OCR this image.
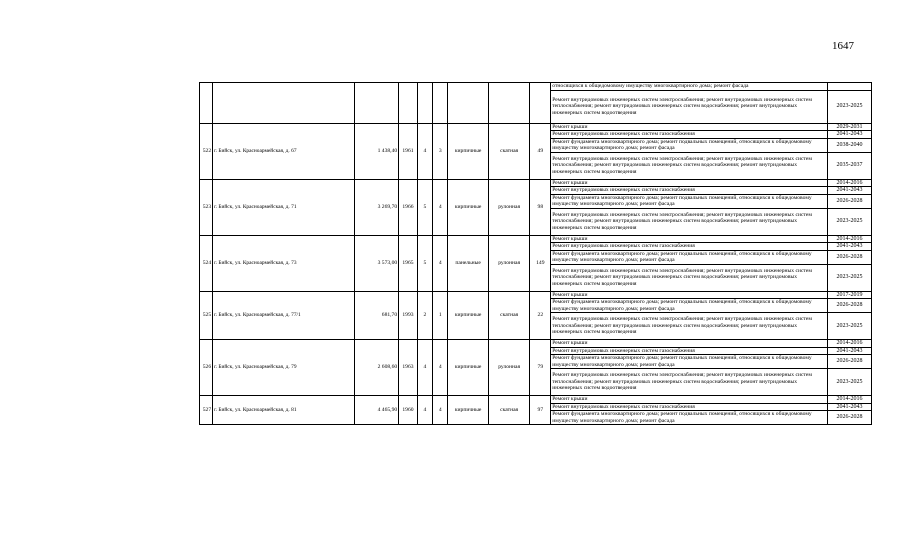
1647
									относящихся к общедомовому имуществу многоквартирного дома; ремонт фасада	
									Ремонт внутридомовых инженерных систем электроснабжения; ремонт внутридомовых инженерных систем теплоснабжения; ремонт внутридомовых инженерных систем водоснабжения; ремонт внутридомовых инженерных систем водоотведения	2023-2025
522	г. Бийск, ул. Красноармейская, д. 67	1 438,40	1961	4	3	кирпичные	скатная	49	Ремонт крыши	2029-2031
									Ремонт внутридомовых инженерных систем газоснабжения	2041-2043
									Ремонт фундамента многоквартирного дома; ремонт подвальных помещений, относящихся к общедомовому имуществу многоквартирного дома; ремонт фасада	2038-2040
									Ремонт внутридомовых инженерных систем электроснабжения; ремонт внутридомовых инженерных систем теплоснабжения; ремонт внутридомовых инженерных систем водоснабжения; ремонт внутридомовых инженерных систем водоотведения	2035-2037
523	г. Бийск, ул. Красноармейская, д. 71	3 269,70	1966	5	4	кирпичные	рулонная	98	Ремонт крыши	2014-2016
									Ремонт внутридомовых инженерных систем газоснабжения	2041-2043
									Ремонт фундамента многоквартирного дома; ремонт подвальных помещений, относящихся к общедомовому имуществу многоквартирного дома; ремонт фасада	2026-2028
									Ремонт внутридомовых инженерных систем электроснабжения; ремонт внутридомовых инженерных систем теплоснабжения; ремонт внутридомовых инженерных систем водоснабжения; ремонт внутридомовых инженерных систем водоотведения	2023-2025
524	г. Бийск, ул. Красноармейская, д. 73	3 573,00	1965	5	4	панельные	рулонная	149	Ремонт крыши	2014-2016
									Ремонт внутридомовых инженерных систем газоснабжения	2041-2043
									Ремонт фундамента многоквартирного дома; ремонт подвальных помещений, относящихся к общедомовому имуществу многоквартирного дома; ремонт фасада	2026-2028
									Ремонт внутридомовых инженерных систем электроснабжения; ремонт внутридомовых инженерных систем теплоснабжения; ремонт внутридомовых инженерных систем водоснабжения; ремонт внутридомовых инженерных систем водоотведения	2023-2025
525	г. Бийск, ул. Красноармейская, д. 77/1	681,70	1993	2	1	кирпичные	скатная	22	Ремонт крыши	2017-2019
									Ремонт фундамента многоквартирного дома; ремонт подвальных помещений, относящихся к общедомовому имуществу многоквартирного дома; ремонт фасада	2026-2028
									Ремонт внутридомовых инженерных систем электроснабжения; ремонт внутридомовых инженерных систем теплоснабжения; ремонт внутридомовых инженерных систем водоснабжения; ремонт внутридомовых инженерных систем водоотведения	2023-2025
526	г. Бийск, ул. Красноармейская, д. 79	2 608,60	1963	4	4	кирпичные	рулонная	79	Ремонт крыши	2014-2016
									Ремонт внутридомовых инженерных систем газоснабжения	2041-2043
									Ремонт фундамента многоквартирного дома; ремонт подвальных помещений, относящихся к общедомовому имуществу многоквартирного дома; ремонт фасада	2026-2028
									Ремонт внутридомовых инженерных систем электроснабжения; ремонт внутридомовых инженерных систем теплоснабжения; ремонт внутридомовых инженерных систем водоснабжения; ремонт внутридомовых инженерных систем водоотведения	2023-2025
527	г. Бийск, ул. Красноармейская, д. 81	4 465,90	1960	4	4	кирпичные	скатная	97	Ремонт крыши	2014-2016
									Ремонт внутридомовых инженерных систем газоснабжения	2041-2043
									Ремонт фундамента многоквартирного дома; ремонт подвальных помещений, относящихся к общедомовому имуществу многоквартирного дома; ремонт фасада	2026-2028
